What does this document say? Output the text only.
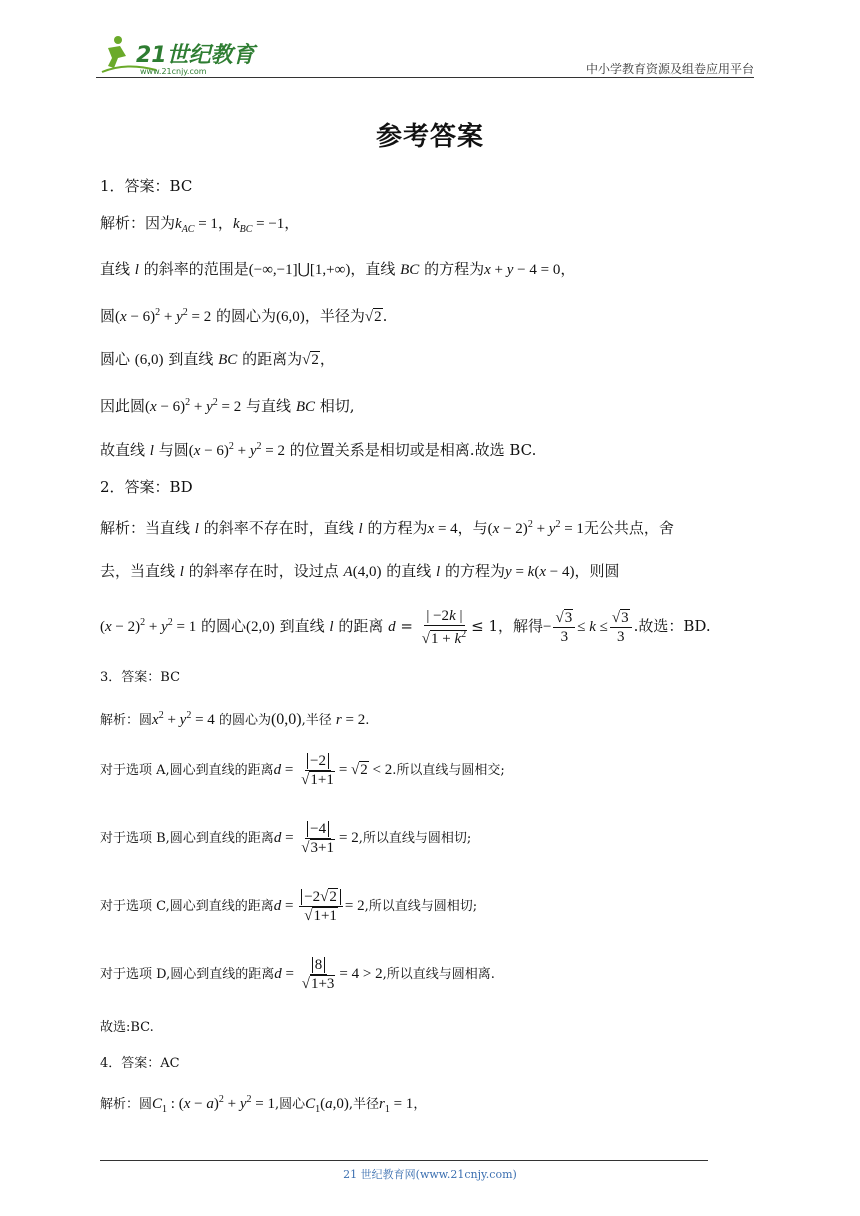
21世纪教育
www.21cnjy.com	中小学教育资源及组卷应用平台
参考答案
1．答案：BC
解析：因为$k_{AC} = 1$，$k_{BC} = -1$，
直线 l 的斜率的范围是(−∞,−1]⋃[1,+∞)，直线 BC 的方程为x + y − 4 = 0，
圆$(x - 6)^2 + y^2 = 2$ 的圆心为(6,0)，半径为√2.
圆心 (6,0) 到直线 BC 的距离为√2，
因此圆$(x - 6)^2 + y^2 = 2$ 与直线 BC 相切,
故直线 l 与圆$(x - 6)^2 + y^2 = 2$ 的位置关系是相切或是相离.故选 BC.
2．答案：BD
解析：当直线 l 的斜率不存在时，直线 l 的方程为x = 4，与$(x - 2)^2 + y^2 = 1$无公共点，舍
去，当直线 l 的斜率存在时，设过点 A(4,0) 的直线 l 的方程为y = k(x − 4)，则圆
$(x - 2)^2 + y^2 = 1$ 的圆心(2,0) 到直线 l 的距离 $d = \frac{| -2k |}{√1 + k^2} \le 1$，解得− $\frac{√3}{3} \le k \le \frac{√3}{3}$ .故选：BD.
3．答案：BC
解析：圆$x^2 + y^2 = 4$ 的圆心为(0,0),半径 r = 2.
对于选项 A,圆心到直线的距离$d = \frac{-2}{√1+1} = √2 < 2$.所以直线与圆相交;
对于选项 B,圆心到直线的距离$d = \frac{-4}{√3+1} = 2$,所以直线与圆相切;
对于选项 C,圆心到直线的距离$d = \frac{-2√2}{√1+1} = 2$,所以直线与圆相切;
对于选项 D,圆心到直线的距离$d = \frac{8}{√1+3} = 4 > 2$,所以直线与圆相离.
故选:BC.
4．答案：AC
解析：圆$C_1$ : $(x - a)^2 + y^2 = 1$,圆心$C_1(a,0)$,半径$r_1 = 1$，
21 世纪教育网(www.21cnjy.com)
